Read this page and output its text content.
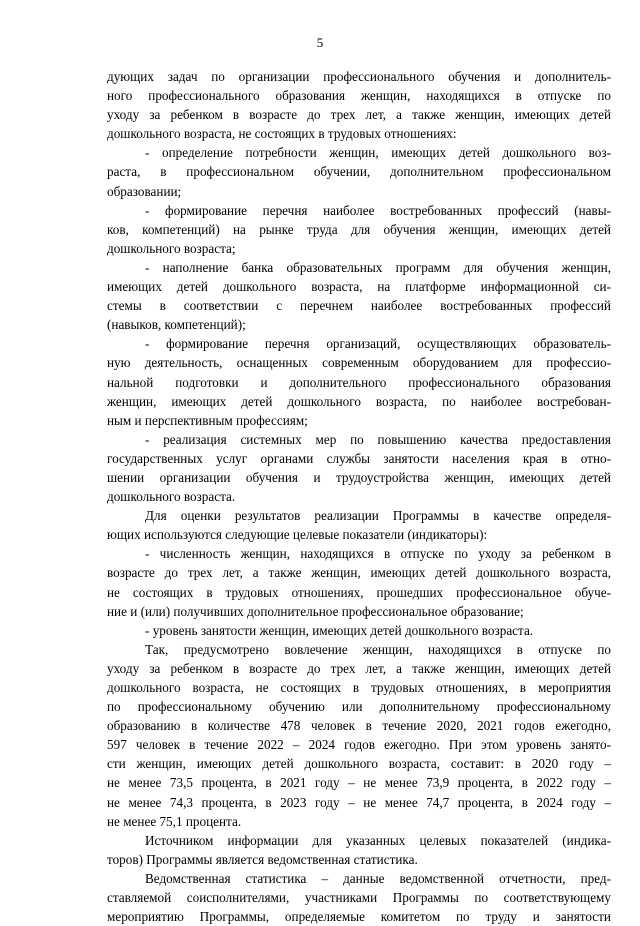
5
дующих задач по организации профессионального обучения и дополнитель-
ного профессионального образования женщин, находящихся в отпуске по
уходу за ребенком в возрасте до трех лет, а также женщин, имеющих детей
дошкольного возраста, не состоящих в трудовых отношениях:
- определение потребности женщин, имеющих детей дошкольного воз-
раста, в профессиональном обучении, дополнительном профессиональном
образовании;
- формирование перечня наиболее востребованных профессий (навы-
ков, компетенций) на рынке труда для обучения женщин, имеющих детей
дошкольного возраста;
- наполнение банка образовательных программ для обучения женщин,
имеющих детей дошкольного возраста, на платформе информационной си-
стемы в соответствии с перечнем наиболее востребованных профессий
(навыков, компетенций);
- формирование перечня организаций, осуществляющих образователь-
ную деятельность, оснащенных современным оборудованием для профессио-
нальной подготовки и дополнительного профессионального образования
женщин, имеющих детей дошкольного возраста, по наиболее востребован-
ным и перспективным профессиям;
- реализация системных мер по повышению качества предоставления
государственных услуг органами службы занятости населения края в отно-
шении организации обучения и трудоустройства женщин, имеющих детей
дошкольного возраста.
Для оценки результатов реализации Программы в качестве определя-
ющих используются следующие целевые показатели (индикаторы):
- численность женщин, находящихся в отпуске по уходу за ребенком в
возрасте до трех лет, а также женщин, имеющих детей дошкольного возраста,
не состоящих в трудовых отношениях, прошедших профессиональное обуче-
ние и (или) получивших дополнительное профессиональное образование;
- уровень занятости женщин, имеющих детей дошкольного возраста.
Так, предусмотрено вовлечение женщин, находящихся в отпуске по
уходу за ребенком в возрасте до трех лет, а также женщин, имеющих детей
дошкольного возраста, не состоящих в трудовых отношениях, в мероприятия
по профессиональному обучению или дополнительному профессиональному
образованию в количестве 478 человек в течение 2020, 2021 годов ежегодно,
597 человек в течение 2022 – 2024 годов ежегодно. При этом уровень занято-
сти женщин, имеющих детей дошкольного возраста, составит: в 2020 году –
не менее 73,5 процента, в 2021 году – не менее 73,9 процента, в 2022 году –
не менее 74,3 процента, в 2023 году – не менее 74,7 процента, в 2024 году –
не менее 75,1 процента.
Источником информации для указанных целевых показателей (индика-
торов) Программы является ведомственная статистика.
Ведомственная статистика – данные ведомственной отчетности, пред-
ставляемой соисполнителями, участниками Программы по соответствующему
мероприятию Программы, определяемые комитетом по труду и занятости
